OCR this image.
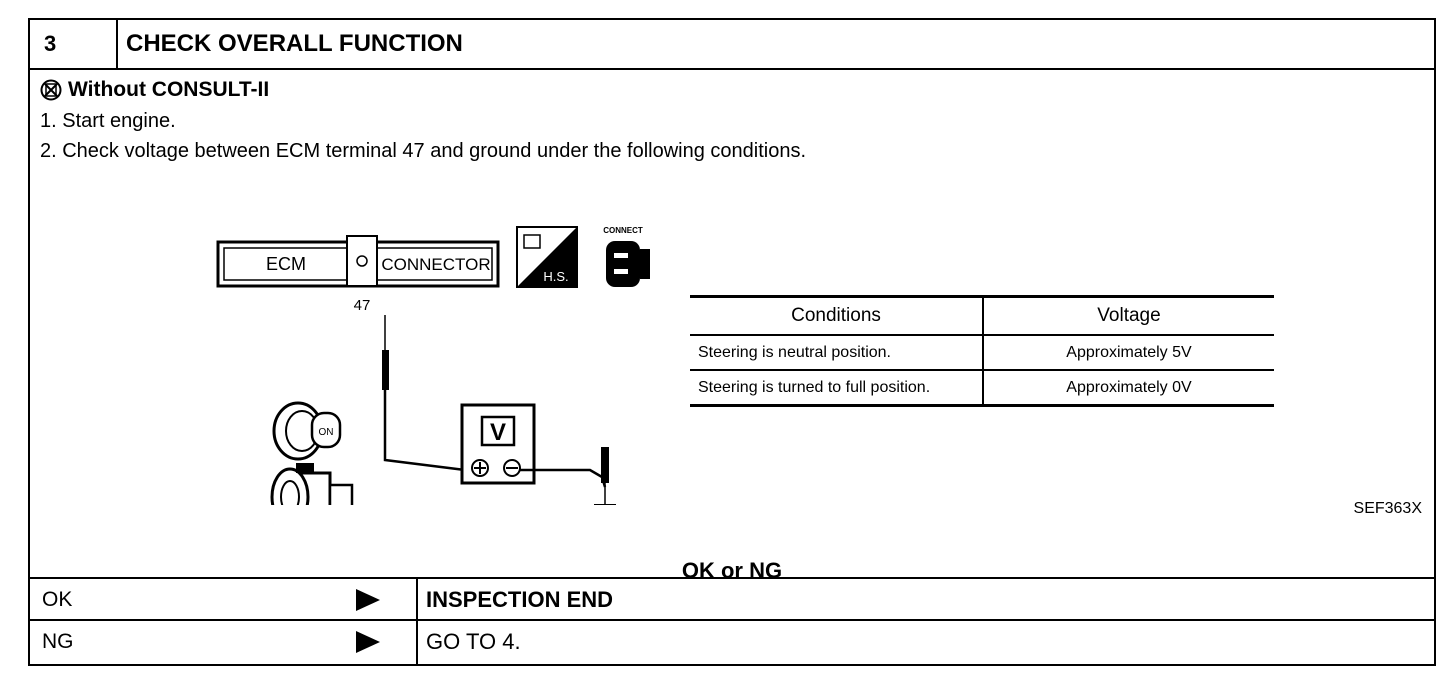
3	CHECK OVERALL FUNCTION
Without CONSULT-II
1. Start engine.
2. Check voltage between ECM terminal 47 and ground under the following conditions.
ECM	CONNECTOR
47
H.S.
CONNECT
V
ON
Conditions	Voltage
Steering is neutral position.	Approximately 5V
Steering is turned to full position.	Approximately 0V
SEF363X
OK or NG
OK	INSPECTION END
NG	GO TO 4.
